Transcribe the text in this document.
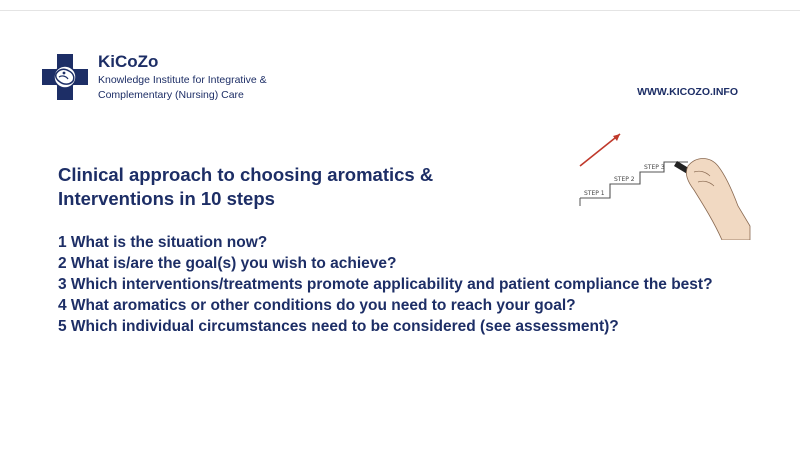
KiCoZo
Knowledge Institute for Integrative &
Complementary (Nursing) Care	WWW.KICOZO.INFO
Clinical approach to choosing aromatics &
Interventions in 10 steps
1 What is the situation now?
2 What is/are the goal(s) you wish to achieve?
3 Which interventions/treatments promote applicability and patient compliance the best?
4 What aromatics or other conditions do you need to reach your goal?
5 Which individual circumstances need to be considered (see assessment)?
STEP 1
STEP 2
STEP 3
